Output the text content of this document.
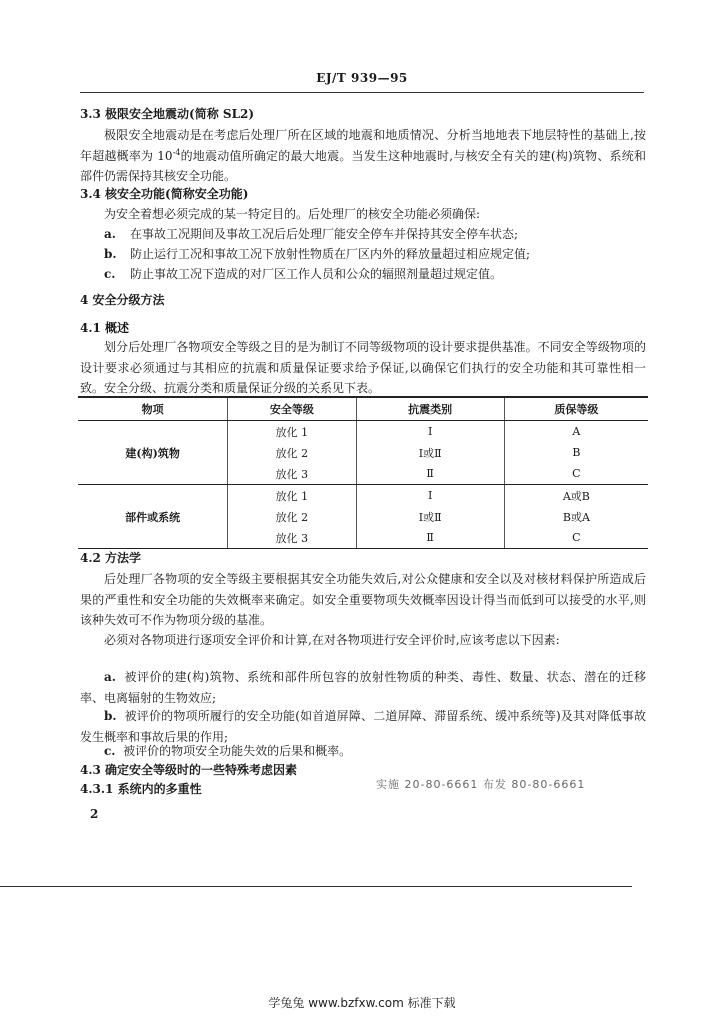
EJ/T 939—95
3.3 极限安全地震动(简称 SL2)
极限安全地震动是在考虑后处理厂所在区域的地震和地质情况、分析当地地表下地层特性的基础上,按年超越概率为 $10^{-4}$的地震动值所确定的最大地震。当发生这种地震时,与核安全有关的建(构)筑物、系统和部件仍需保持其核安全功能。
3.4 核安全功能(简称安全功能)
为安全着想必须完成的某一特定目的。后处理厂的核安全功能必须确保:
a. 在事故工况期间及事故工况后后处理厂能安全停车并保持其安全停车状态;
b. 防止运行工况和事故工况下放射性物质在厂区内外的释放量超过相应规定值;
c. 防止事故工况下造成的对厂区工作人员和公众的辐照剂量超过规定值。
4 安全分级方法
4.1 概述
划分后处理厂各物项安全等级之目的是为制订不同等级物项的设计要求提供基准。不同安全等级物项的设计要求必须通过与其相应的抗震和质量保证要求给予保证,以确保它们执行的安全功能和其可靠性相一致。安全分级、抗震分类和质量保证分级的关系见下表。
物项	安全等级	抗震类别	质保等级
建(构)筑物	放化 1	I	A
	放化 2	I或Ⅱ	B
	放化 3	Ⅱ	C
部件或系统	放化 1	I	A或B
	放化 2	I或Ⅱ	B或A
	放化 3	Ⅱ	C
4.2 方法学
后处理厂各物项的安全等级主要根据其安全功能失效后,对公众健康和安全以及对核材料保护所造成后果的严重性和安全功能的失效概率来确定。如安全重要物项失效概率因设计得当而低到可以接受的水平,则该种失效可不作为物项分级的基准。
必须对各物项进行逐项安全评价和计算,在对各物项进行安全评价时,应该考虑以下因素:
a. 被评价的建(构)筑物、系统和部件所包容的放射性物质的种类、毒性、数量、状态、潜在的迁移率、电离辐射的生物效应;
b. 被评价的物项所履行的安全功能(如首道屏障、二道屏障、滞留系统、缓冲系统等)及其对降低事故发生概率和事故后果的作用;
c. 被评价的物项安全功能失效的后果和概率。
4.3 确定安全等级时的一些特殊考虑因素
4.3.1 系统内的多重性	实施 20-80-6661 布发 80-80-6661
2
学兔兔 www.bzfxw.com 标准下载
